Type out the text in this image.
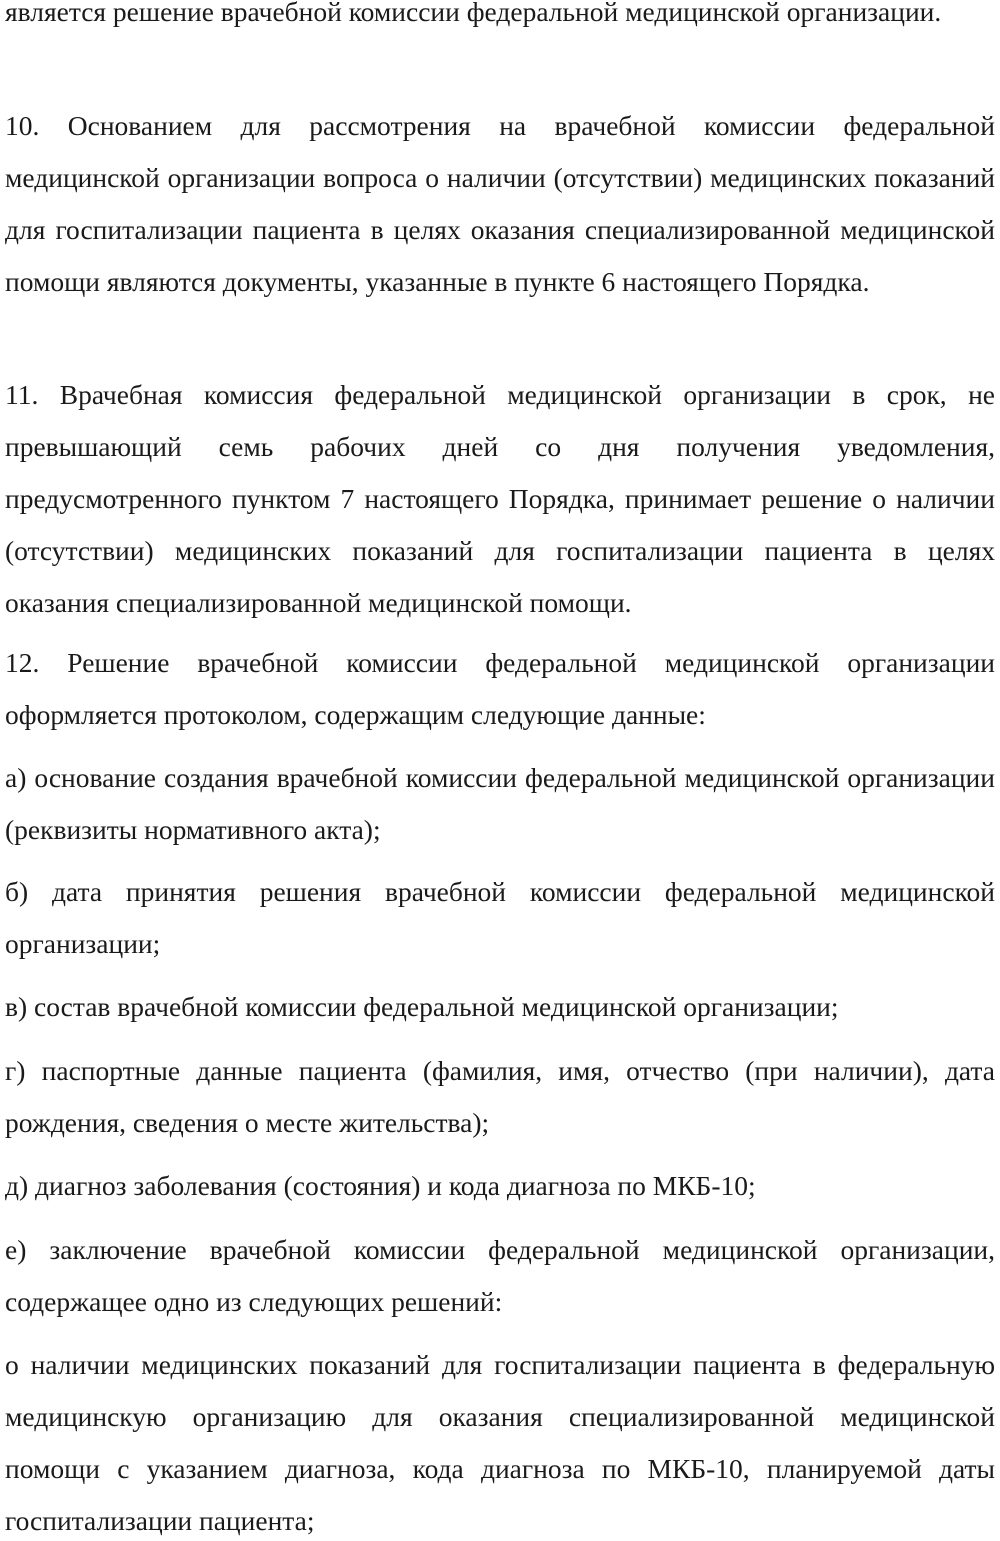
является решение врачебной комиссии федеральной медицинской организации.

10. Основанием для рассмотрения на врачебной комиссии федеральной медицинской организации вопроса о наличии (отсутствии) медицинских показаний для госпитализации пациента в целях оказания специализированной медицинской помощи являются документы, указанные в пункте 6 настоящего Порядка.

11. Врачебная комиссия федеральной медицинской организации в срок, не превышающий семь рабочих дней со дня получения уведомления, предусмотренного пунктом 7 настоящего Порядка, принимает решение о наличии (отсутствии) медицинских показаний для госпитализации пациента в целях оказания специализированной медицинской помощи.

12. Решение врачебной комиссии федеральной медицинской организации оформляется протоколом, содержащим следующие данные:

а) основание создания врачебной комиссии федеральной медицинской организации (реквизиты нормативного акта);

б) дата принятия решения врачебной комиссии федеральной медицинской организации;

в) состав врачебной комиссии федеральной медицинской организации;

г) паспортные данные пациента (фамилия, имя, отчество (при наличии), дата рождения, сведения о месте жительства);

д) диагноз заболевания (состояния) и кода диагноза по МКБ-10;

е) заключение врачебной комиссии федеральной медицинской организации, содержащее одно из следующих решений:

о наличии медицинских показаний для госпитализации пациента в федеральную медицинскую организацию для оказания специализированной медицинской помощи с указанием диагноза, кода диагноза по МКБ-10, планируемой даты госпитализации пациента;
